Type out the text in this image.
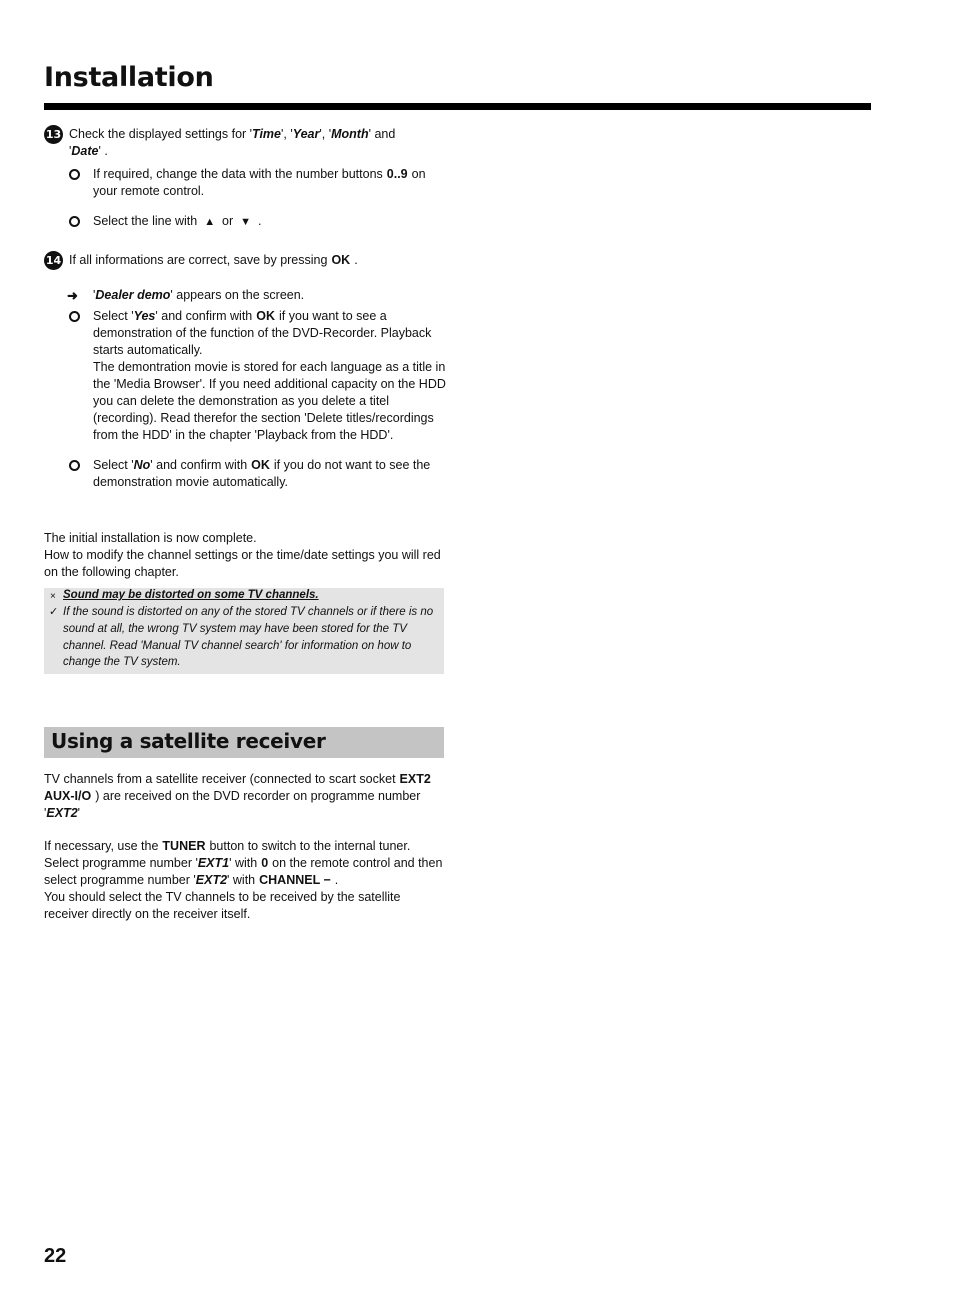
Installation
13 Check the displayed settings for 'Time', 'Year', 'Month' and
'Date' .
If required, change the data with the number buttons 0..9 on your remote control.
Select the line with ▲ or ▼ .
14 If all informations are correct, save by pressing OK .
➜ 'Dealer demo' appears on the screen.
Select 'Yes' and confirm with OK if you want to see a demonstration of the function of the DVD-Recorder. Playback starts automatically.
The demontration movie is stored for each language as a title in the 'Media Browser'. If you need additional capacity on the HDD you can delete the demonstration as you delete a titel (recording). Read therefor the section 'Delete titles/recordings from the HDD' in the chapter 'Playback from the HDD'.
Select 'No' and confirm with OK if you do not want to see the demonstration movie automatically.
The initial installation is now complete.
How to modify the channel settings or the time/date settings you will red on the following chapter.
× Sound may be distorted on some TV channels.
✓ If the sound is distorted on any of the stored TV channels or if there is no sound at all, the wrong TV system may have been stored for the TV channel. Read 'Manual TV channel search' for information on how to change the TV system.
Using a satellite receiver
TV channels from a satellite receiver (connected to scart socket EXT2 AUX-I/O ) are received on the DVD recorder on programme number 'EXT2'
If necessary, use the TUNER button to switch to the internal tuner. Select programme number 'EXT1' with 0 on the remote control and then select programme number 'EXT2' with CHANNEL − .
You should select the TV channels to be received by the satellite receiver directly on the receiver itself.
22
